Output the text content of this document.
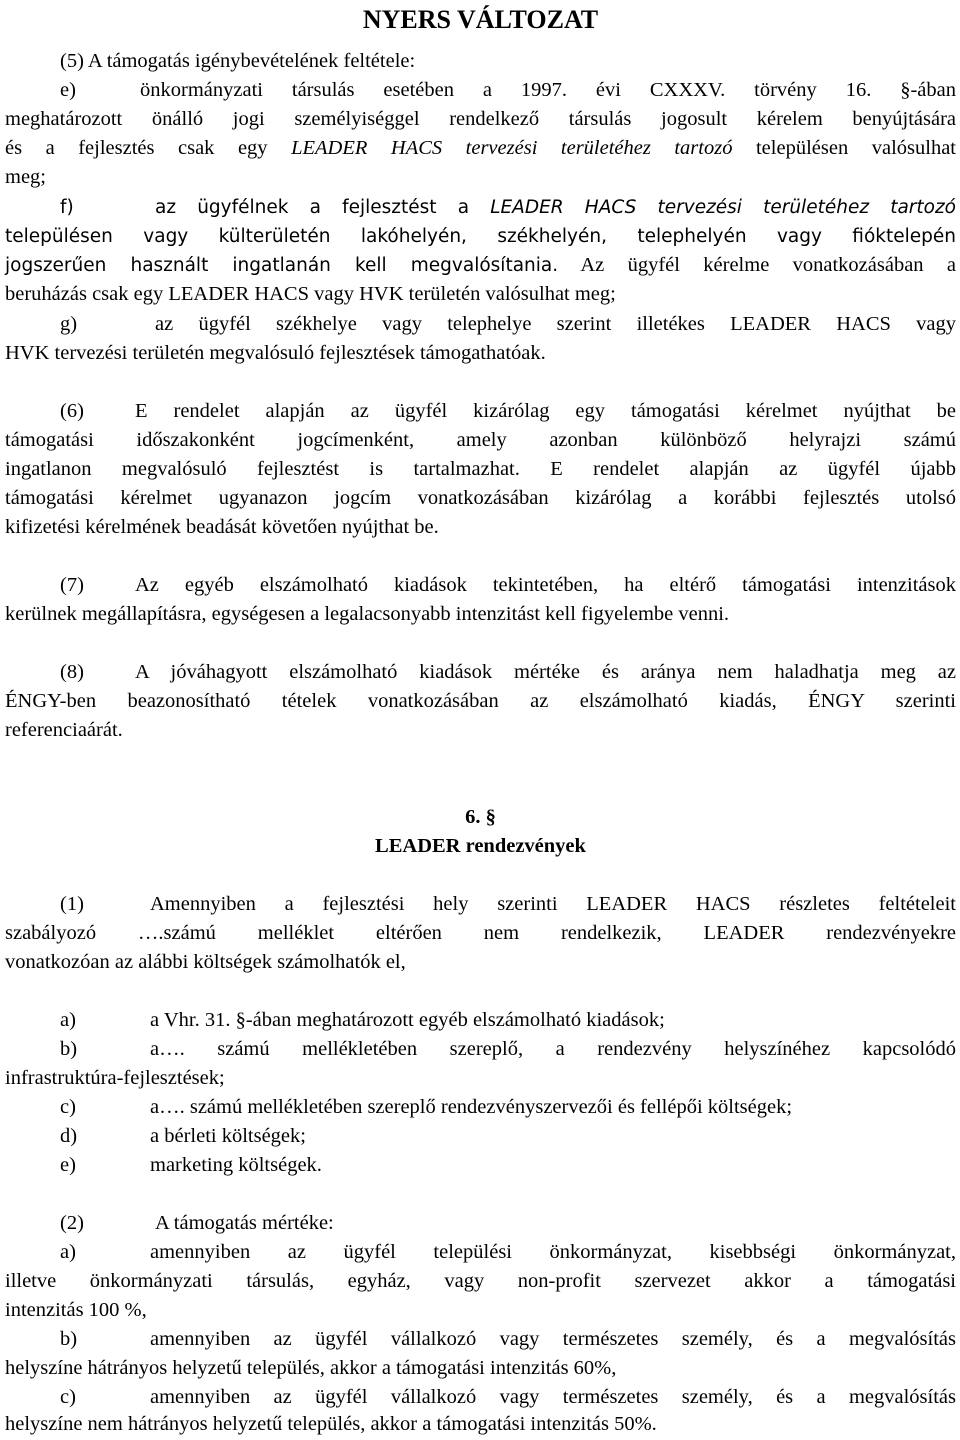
NYERS VÁLTOZAT
(5) A támogatás igénybevételének feltétele:
e)	önkormányzati társulás esetében a 1997. évi CXXXV. törvény 16. §-ában
meghatározott önálló jogi személyiséggel rendelkező társulás jogosult kérelem benyújtására
és a fejlesztés csak egy LEADER HACS tervezési területéhez tartozó településen valósulhat
meg;
f)	az ügyfélnek a fejlesztést a LEADER HACS tervezési területéhez tartozó
településen vagy külterületén lakóhelyén, székhelyén, telephelyén vagy fióktelepén
jogszerűen használt ingatlanán kell megvalósítania. Az ügyfél kérelme vonatkozásában a
beruházás csak egy LEADER HACS vagy HVK területén valósulhat meg;
g)	az ügyfél székhelye vagy telephelye szerint illetékes LEADER HACS vagy
HVK tervezési területén megvalósuló fejlesztések támogathatóak.
(6) E rendelet alapján az ügyfél kizárólag egy támogatási kérelmet nyújthat be
támogatási időszakonként jogcímenként, amely azonban különböző helyrajzi számú
ingatlanon megvalósuló fejlesztést is tartalmazhat. E rendelet alapján az ügyfél újabb
támogatási kérelmet ugyanazon jogcím vonatkozásában kizárólag a korábbi fejlesztés utolsó
kifizetési kérelmének beadását követően nyújthat be.
(7) Az egyéb elszámolható kiadások tekintetében, ha eltérő támogatási intenzitások
kerülnek megállapításra, egységesen a legalacsonyabb intenzitást kell figyelembe venni.
(8) A jóváhagyott elszámolható kiadások mértéke és aránya nem haladhatja meg az
ÉNGY-ben beazonosítható tételek vonatkozásában az elszámolható kiadás, ÉNGY szerinti
referenciaárát.
6. §
LEADER rendezvények
(1)	Amennyiben a fejlesztési hely szerinti LEADER HACS részletes feltételeit
szabályozó ….számú melléklet eltérően nem rendelkezik, LEADER rendezvényekre
vonatkozóan az alábbi költségek számolhatók el,
a)	a Vhr. 31. §-ában meghatározott egyéb elszámolható kiadások;
b)	a…. számú mellékletében szereplő, a rendezvény helyszínéhez kapcsolódó
infrastruktúra-fejlesztések;
c)	a…. számú mellékletében szereplő rendezvényszervezői és fellépői költségek;
d)	a bérleti költségek;
e)	marketing költségek.
(2)	A támogatás mértéke:
a)	amennyiben az ügyfél települési önkormányzat, kisebbségi önkormányzat,
illetve önkormányzati társulás, egyház, vagy non-profit szervezet akkor a támogatási
intenzitás 100 %,
b)	amennyiben az ügyfél vállalkozó vagy természetes személy, és a megvalósítás
helyszíne hátrányos helyzetű település, akkor a támogatási intenzitás 60%,
c)	amennyiben az ügyfél vállalkozó vagy természetes személy, és a megvalósítás
helyszíne nem hátrányos helyzetű település, akkor a támogatási intenzitás 50%.
